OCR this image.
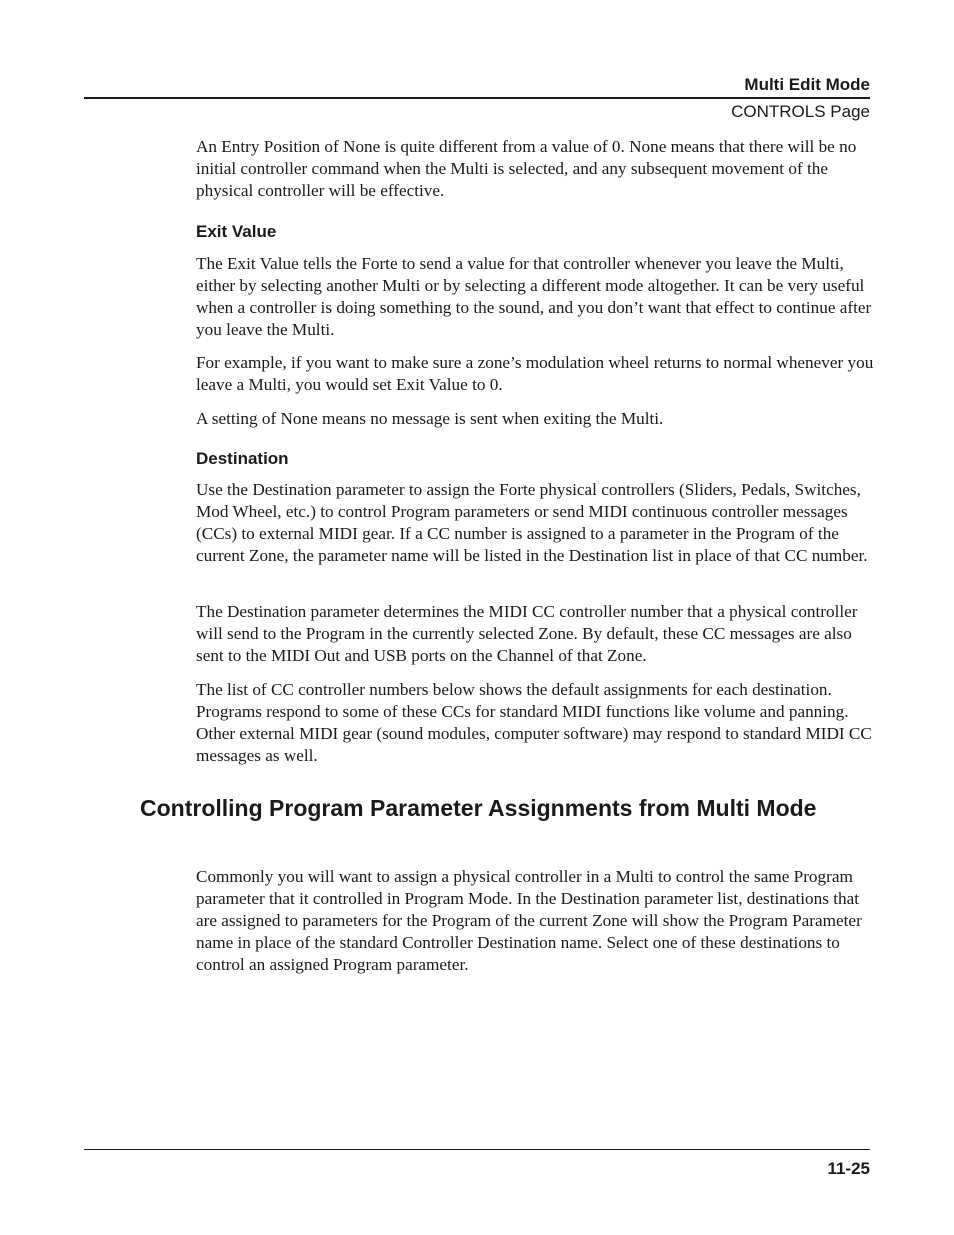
Multi Edit Mode
CONTROLS Page

An Entry Position of None is quite different from a value of 0. None means that there will be no initial controller command when the Multi is selected, and any subsequent movement of the physical controller will be effective.

Exit Value

The Exit Value tells the Forte to send a value for that controller whenever you leave the Multi, either by selecting another Multi or by selecting a different mode altogether. It can be very useful when a controller is doing something to the sound, and you don’t want that effect to continue after you leave the Multi.

For example, if you want to make sure a zone’s modulation wheel returns to normal whenever you leave a Multi, you would set Exit Value to 0.

A setting of None means no message is sent when exiting the Multi.

Destination

Use the Destination parameter to assign the Forte physical controllers (Sliders, Pedals, Switches, Mod Wheel, etc.) to control Program parameters or send MIDI continuous controller messages (CCs) to external MIDI gear. If a CC number is assigned to a parameter in the Program of the current Zone, the parameter name will be listed in the Destination list in place of that CC number.

The Destination parameter determines the MIDI CC controller number that a physical controller will send to the Program in the currently selected Zone. By default, these CC messages are also sent to the MIDI Out and USB ports on the Channel of that Zone.

The list of CC controller numbers below shows the default assignments for each destination. Programs respond to some of these CCs for standard MIDI functions like volume and panning. Other external MIDI gear (sound modules, computer software) may respond to standard MIDI CC messages as well.

Controlling Program Parameter Assignments from Multi Mode

Commonly you will want to assign a physical controller in a Multi to control the same Program parameter that it controlled in Program Mode. In the Destination parameter list, destinations that are assigned to parameters for the Program of the current Zone will show the Program Parameter name in place of the standard Controller Destination name. Select one of these destinations to control an assigned Program parameter.

11-25
